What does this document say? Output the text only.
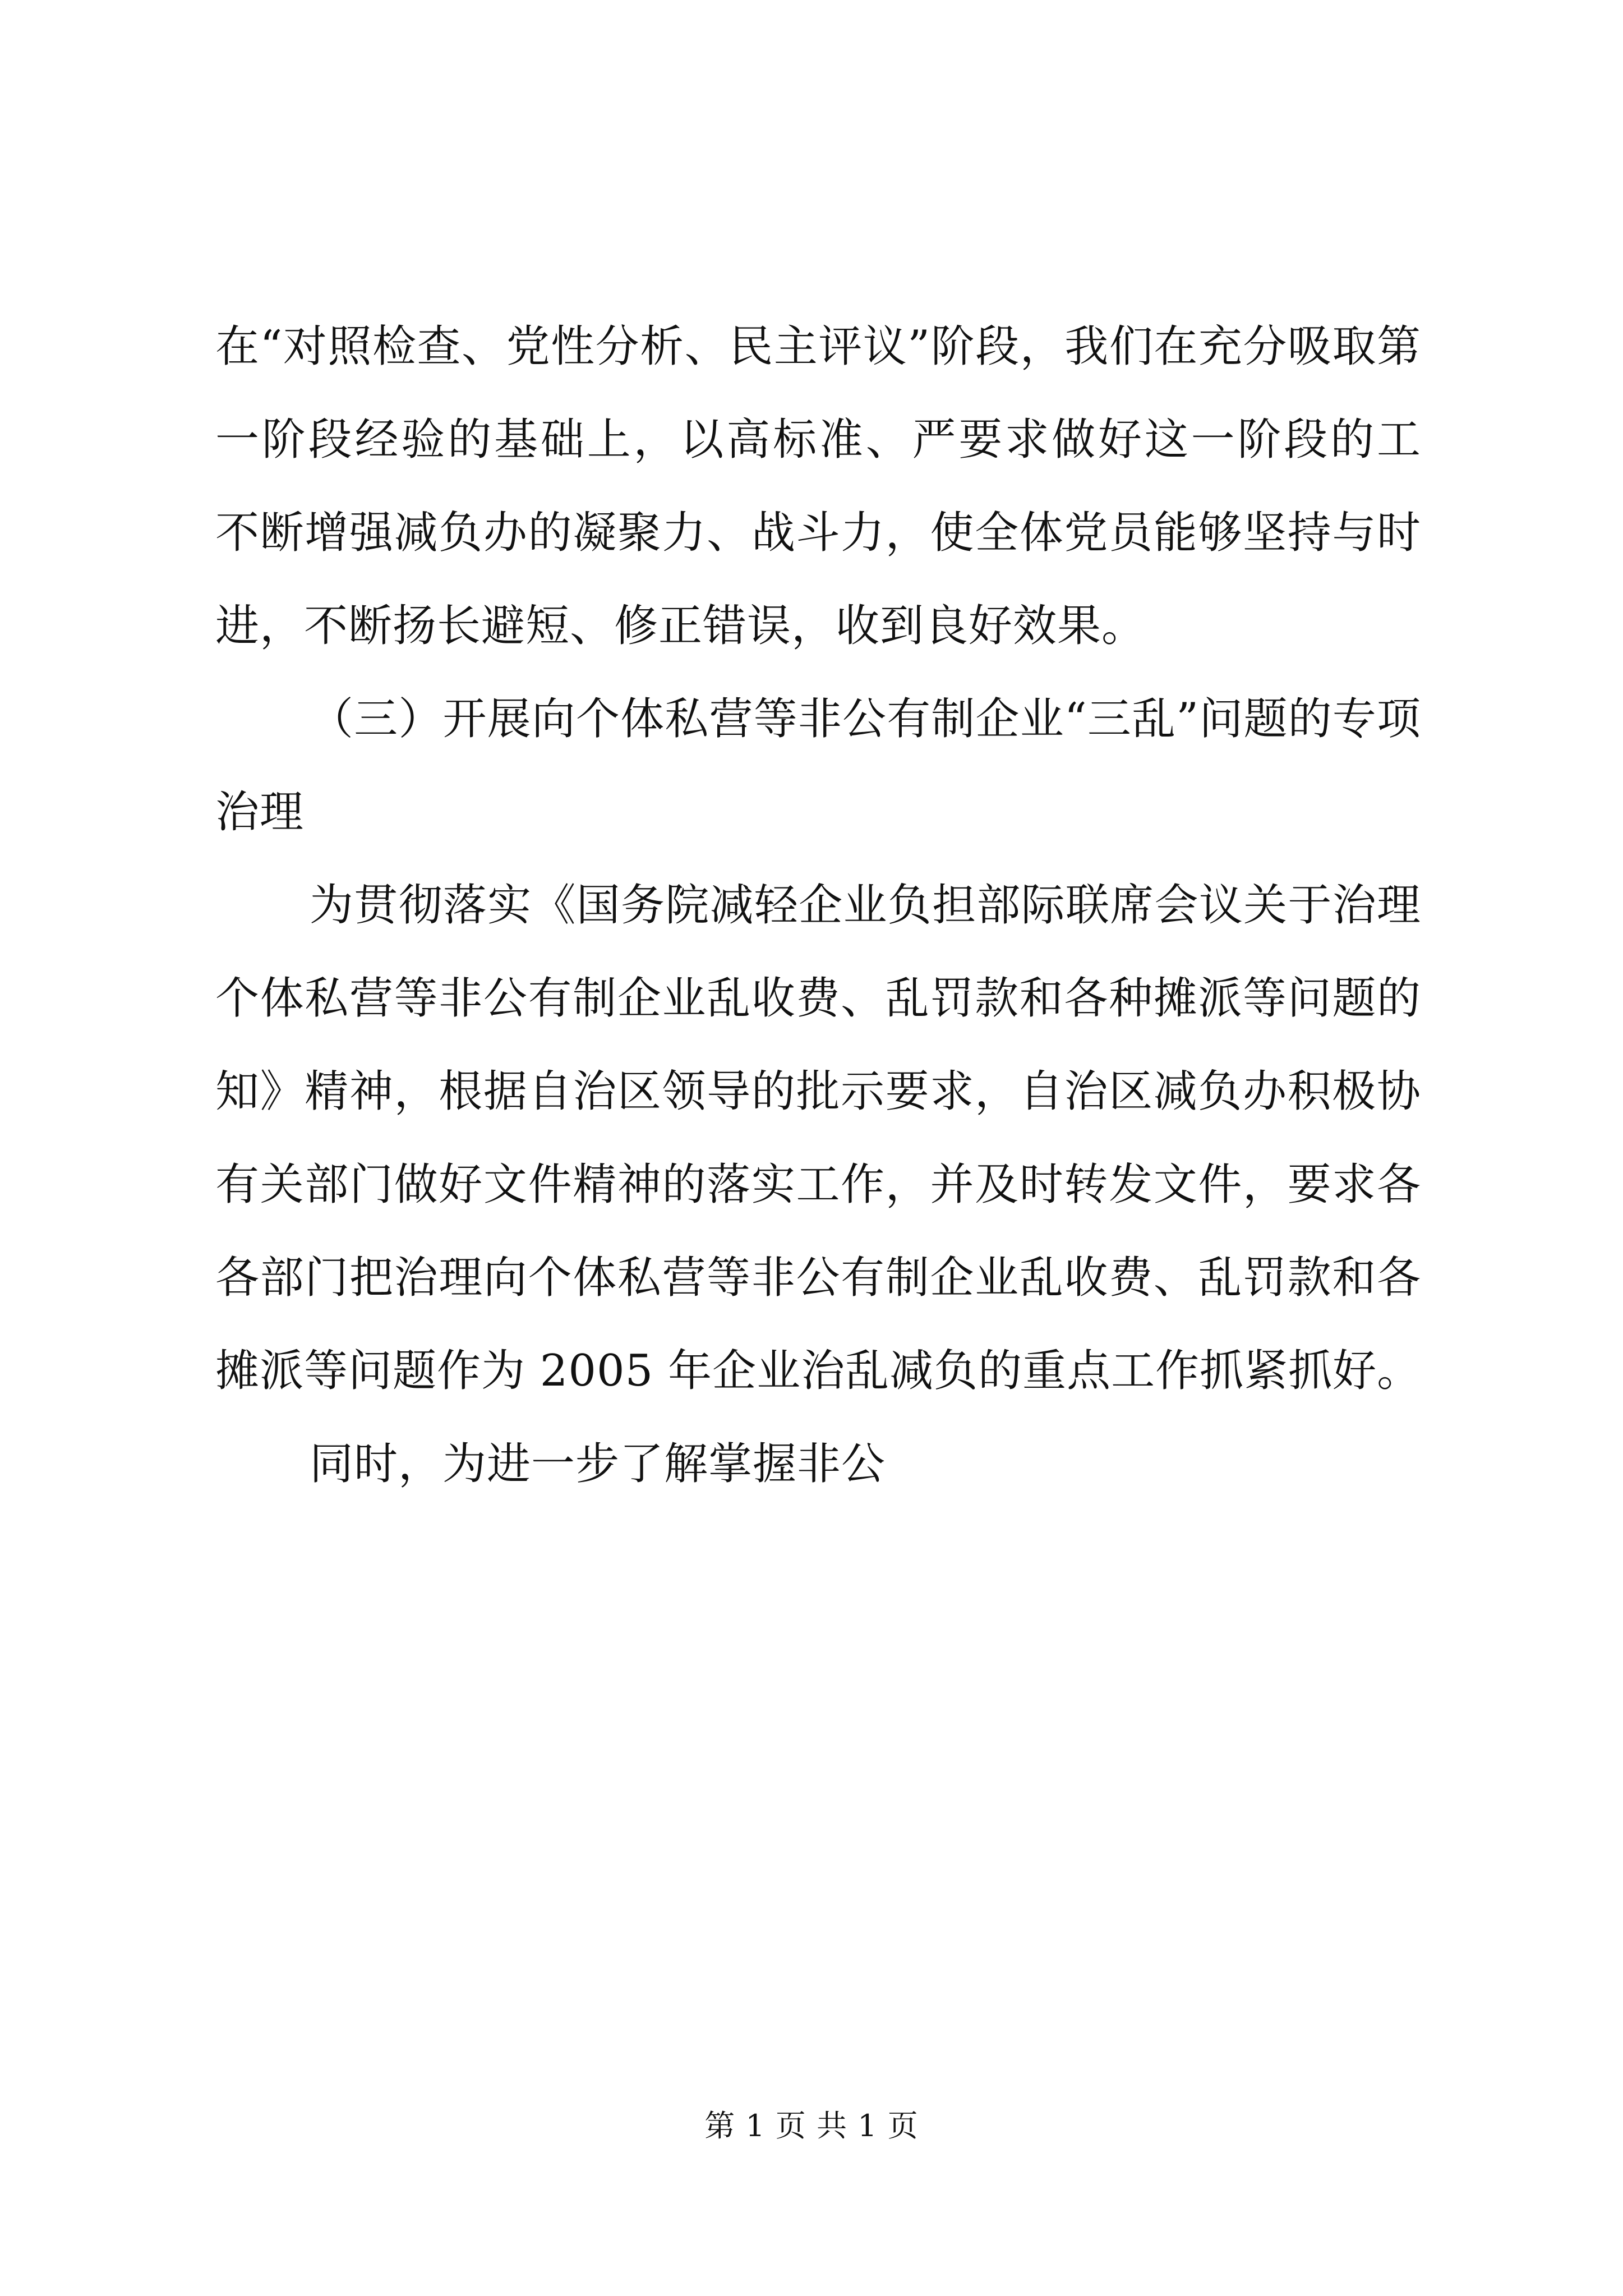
在“对照检查、党性分析、民主评议”阶段，我们在充分吸取第
一阶段经验的基础上，以高标准、严要求做好这一阶段的工
不断增强减负办的凝聚力、战斗力，使全体党员能够坚持与时
进，不断扬长避短、修正错误，收到良好效果。
（三）开展向个体私营等非公有制企业“三乱”问题的专项
治理
为贯彻落实《国务院减轻企业负担部际联席会议关于治理
个体私营等非公有制企业乱收费、乱罚款和各种摊派等问题的
知》精神，根据自治区领导的批示要求，自治区减负办积极协
有关部门做好文件精神的落实工作，并及时转发文件，要求各
各部门把治理向个体私营等非公有制企业乱收费、乱罚款和各
摊派等问题作为 2005 年企业治乱减负的重点工作抓紧抓好。
同时，为进一步了解掌握非公
第 1 页 共 1 页
